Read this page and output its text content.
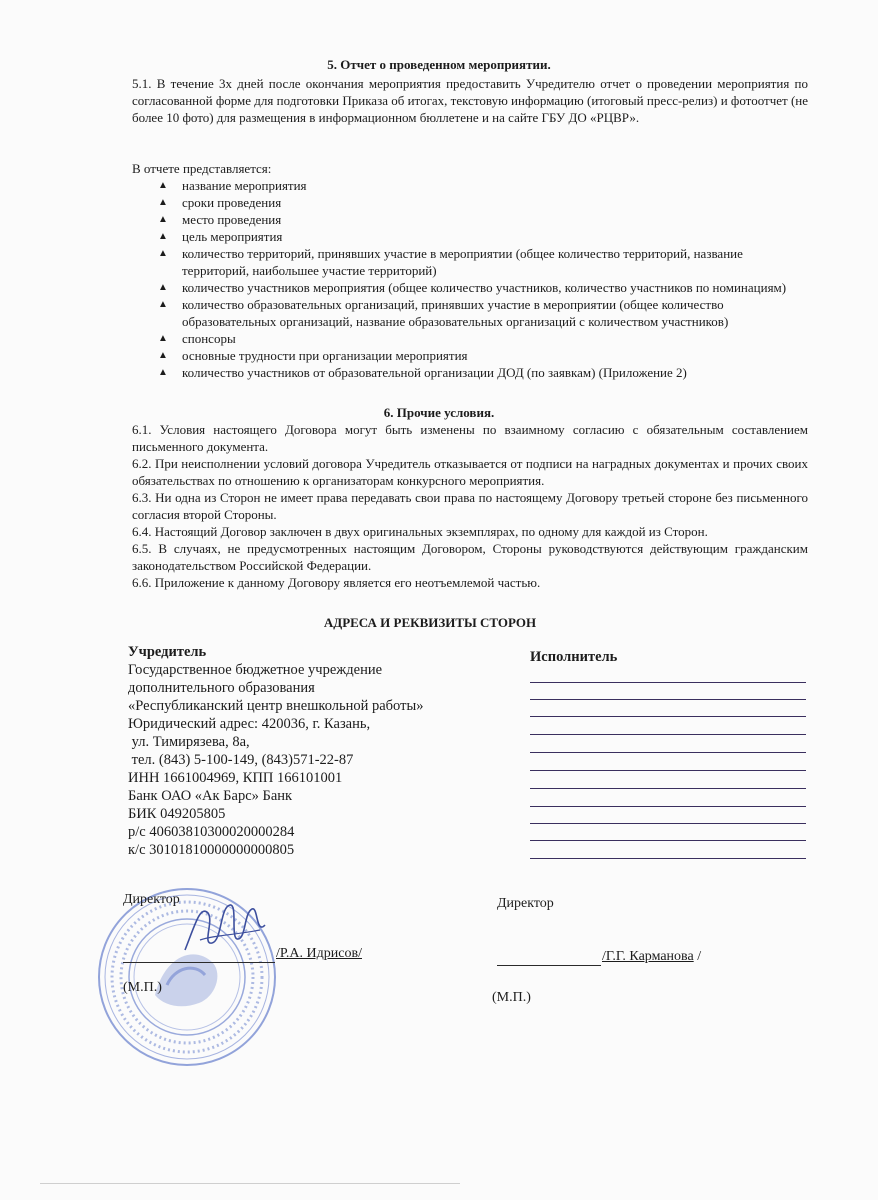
5. Отчет о проведенном мероприятии.
5.1. В течение 3х дней после окончания мероприятия предоставить Учредителю отчет о проведении мероприятия по согласованной форме для подготовки Приказа об итогах, текстовую информацию (итоговый пресс-релиз) и фотоотчет (не более 10 фото) для размещения в информационном бюллетене и на сайте ГБУ ДО «РЦВР».
В отчете представляется:
▲ название мероприятия
▲ сроки проведения
▲ место проведения
▲ цель мероприятия
▲ количество территорий, принявших участие в мероприятии (общее количество территорий, название территорий, наибольшее участие территорий)
▲ количество участников мероприятия (общее количество участников, количество участников по номинациям)
▲ количество образовательных организаций, принявших участие в мероприятии (общее количество образовательных организаций, название образовательных организаций с количеством участников)
▲ спонсоры
▲ основные трудности при организации мероприятия
▲ количество участников от образовательной организации ДОД (по заявкам) (Приложение 2)
6. Прочие условия.
6.1. Условия настоящего Договора могут быть изменены по взаимному согласию с обязательным составлением письменного документа.
6.2. При неисполнении условий договора Учредитель отказывается от подписи на наградных документах и прочих своих обязательствах по отношению к организаторам конкурсного мероприятия.
6.3. Ни одна из Сторон не имеет права передавать свои права по настоящему Договору третьей стороне без письменного согласия второй Стороны.
6.4. Настоящий Договор заключен в двух оригинальных экземплярах, по одному для каждой из Сторон.
6.5. В случаях, не предусмотренных настоящим Договором, Стороны руководствуются действующим гражданским законодательством Российской Федерации.
6.6. Приложение к данному Договору является его неотъемлемой частью.
АДРЕСА И РЕКВИЗИТЫ СТОРОН
Учредитель
Государственное бюджетное учреждение
дополнительного образования
«Республиканский центр внешкольной работы»
Юридический адрес: 420036, г. Казань,
ул. Тимирязева, 8а,
тел. (843) 5-100-149, (843)571-22-87
ИНН 1661004969, КПП 166101001
Банк ОАО «Ак Барс» Банк
БИК 049205805
р/с 40603810300020000284
к/с 30101810000000000805
Исполнитель
Директор
/Р.А. Идрисов/
(М.П.)
Директор
/Г.Г. Карманова /
(М.П.)
